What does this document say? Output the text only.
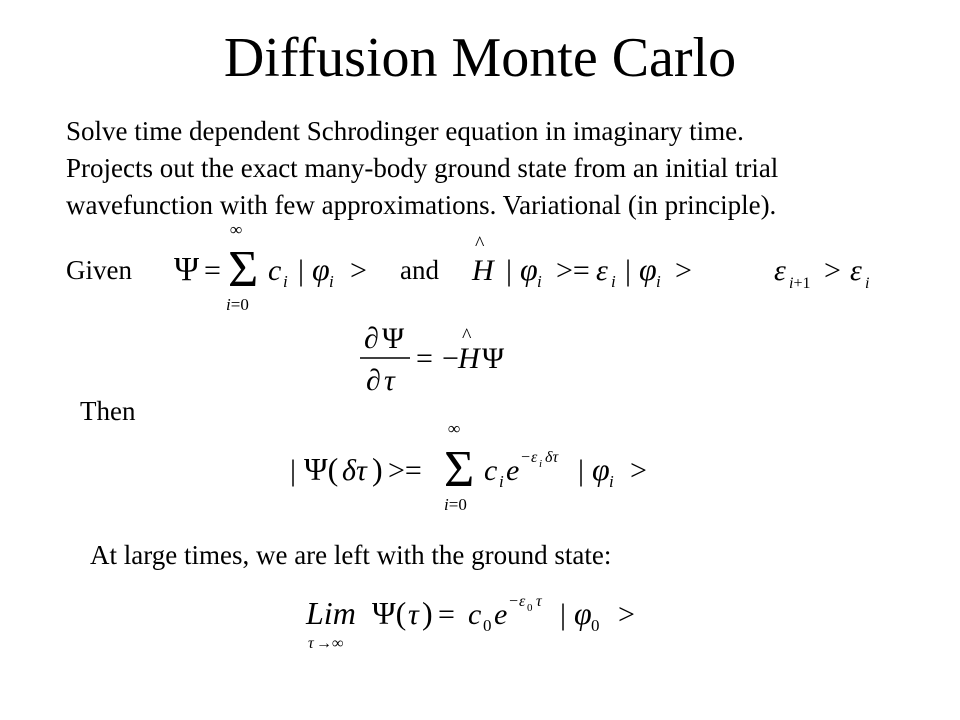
Diffusion Monte Carlo
Solve time dependent Schrodinger equation in imaginary time.
Projects out the exact many-body ground state from an initial trial
wavefunction with few approximations. Variational (in principle).
Given Ψ =
∞
Σ
i=0
c i | φ i > and
^
H | φ i >= ε i | φ i >	ε i+1 > ε i
∂ Ψ
∂ τ
= −
^
H Ψ
Then
| Ψ( δτ ) >=
∞
Σ
i=0
c i e − ε i δτ | φ i >
At large times, we are left with the ground state:
Lim
τ → ∞
Ψ( τ ) = c 0 e − ε 0 τ | φ 0 >
